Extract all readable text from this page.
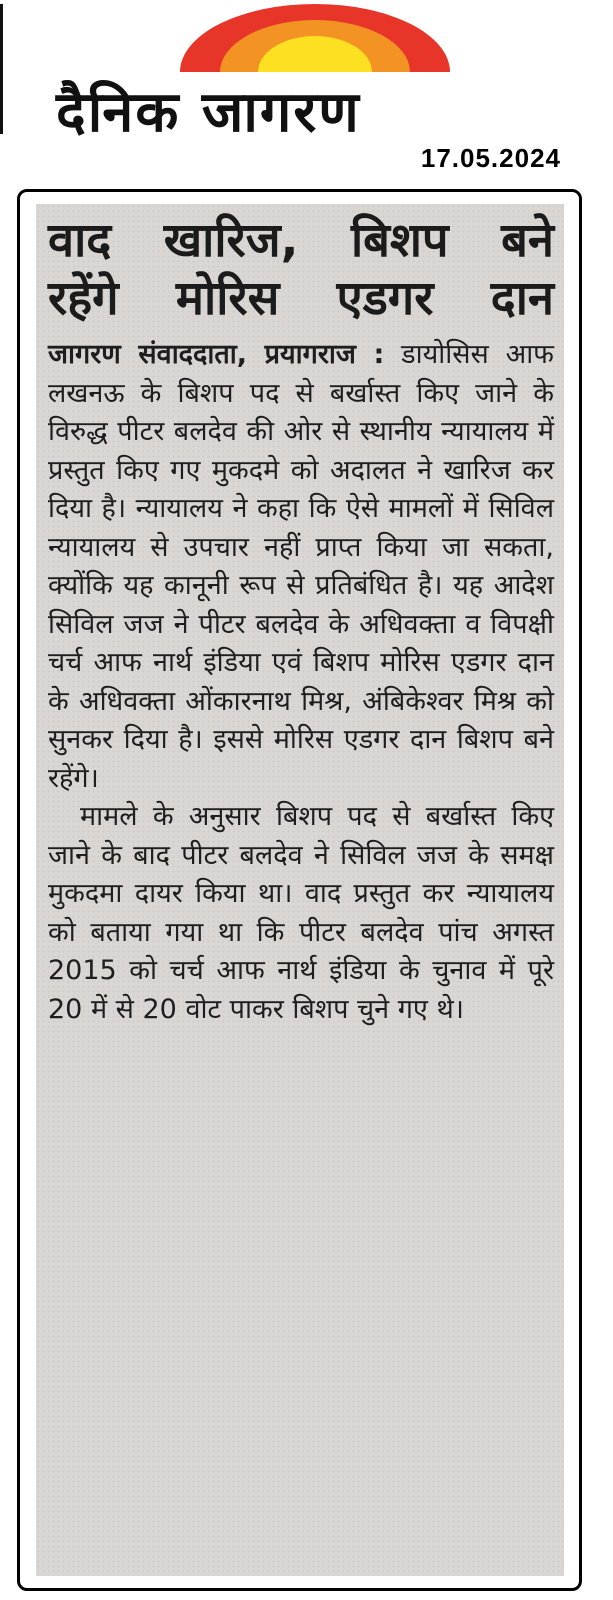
दैनिक जागरण
17.05.2024
वाद खारिज, बिशप बने
रहेंगे मोरिस एडगर दान

जागरण संवाददाता, प्रयागराज : डायोसिस आफ लखनऊ के बिशप पद से बर्खास्त किए जाने के विरुद्ध पीटर बलदेव की ओर से स्थानीय न्यायालय में प्रस्तुत किए गए मुकदमे को अदालत ने खारिज कर दिया है। न्यायालय ने कहा कि ऐसे मामलों में सिविल न्यायालय से उपचार नहीं प्राप्त किया जा सकता, क्योंकि यह कानूनी रूप से प्रतिबंधित है। यह आदेश सिविल जज ने पीटर बलदेव के अधिवक्ता व विपक्षी चर्च आफ नार्थ इंडिया एवं बिशप मोरिस एडगर दान के अधिवक्ता ओंकारनाथ मिश्र, अंबिकेश्वर मिश्र को सुनकर दिया है। इससे मोरिस एडगर दान बिशप बने रहेंगे।

मामले के अनुसार बिशप पद से बर्खास्त किए जाने के बाद पीटर बलदेव ने सिविल जज के समक्ष मुकदमा दायर किया था। वाद प्रस्तुत कर न्यायालय को बताया गया था कि पीटर बलदेव पांच अगस्त 2015 को चर्च आफ नार्थ इंडिया के चुनाव में पूरे 20 में से 20 वोट पाकर बिशप चुने गए थे।
